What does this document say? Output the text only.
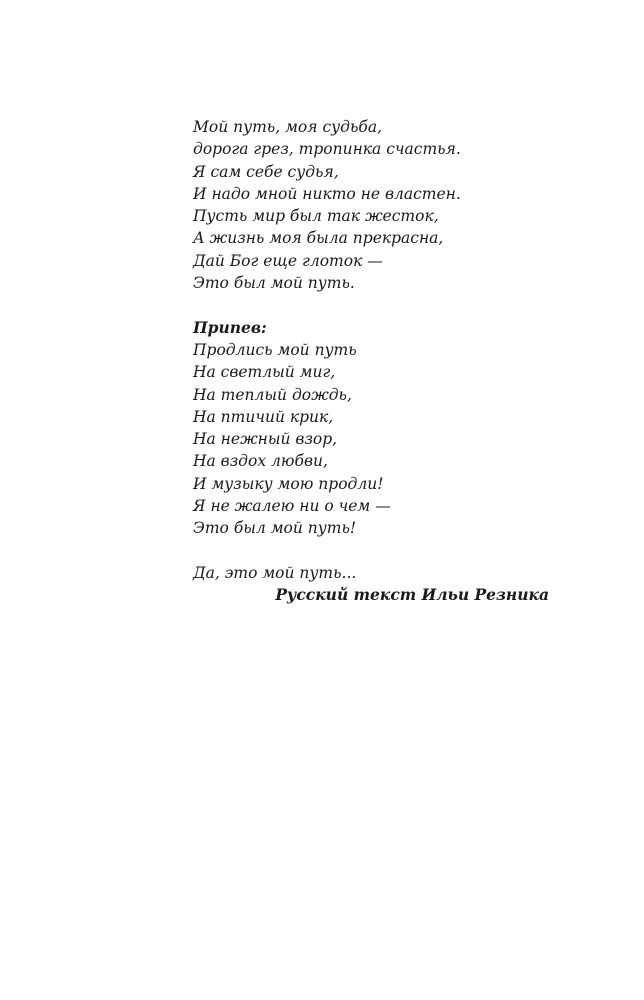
Мой путь, моя судьба,
дорога грез, тропинка счастья.
Я сам себе судья,
И надо мной никто не властен.
Пусть мир был так жесток,
А жизнь моя была прекрасна,
Дай Бог еще глоток —
Это был мой путь.
Припев:
Продлись мой путь
На светлый миг,
На теплый дождь,
На птичий крик,
На нежный взор,
На вздох любви,
И музыку мою продли!
Я не жалею ни о чем —
Это был мой путь!
Да, это мой путь...
Русский текст Ильи Резника
